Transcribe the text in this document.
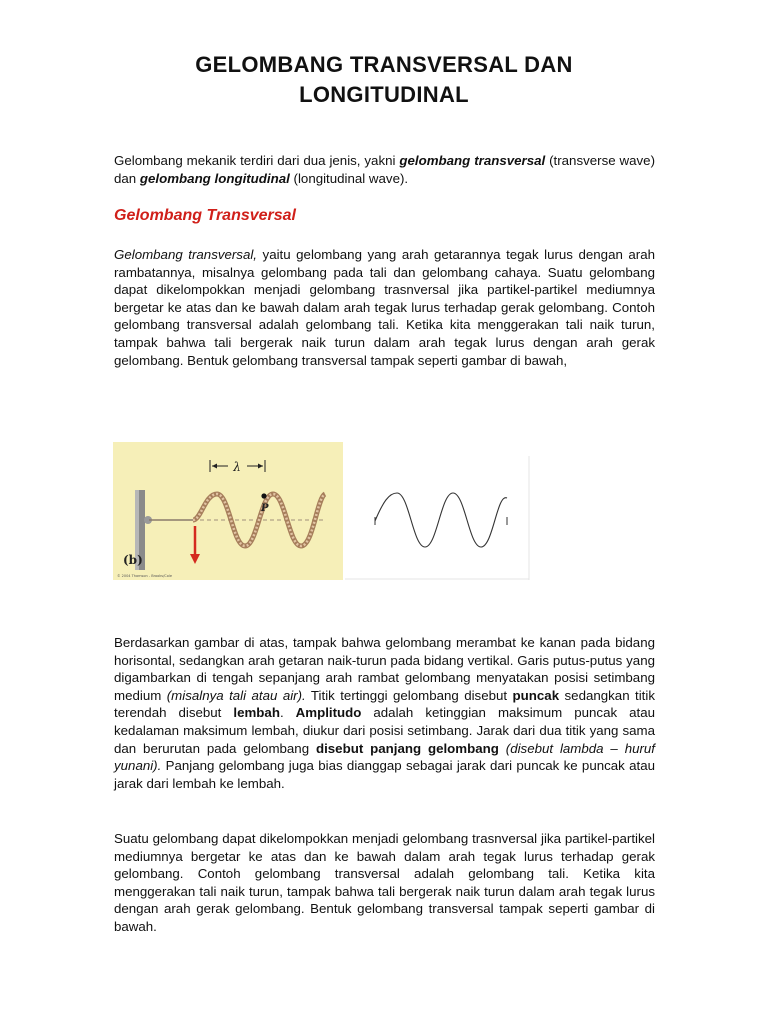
GELOMBANG TRANSVERSAL DAN
LONGITUDINAL

Gelombang mekanik terdiri dari dua jenis, yakni gelombang transversal (transverse wave) dan gelombang longitudinal (longitudinal wave).

Gelombang Transversal

Gelombang transversal, yaitu gelombang yang arah getarannya tegak lurus dengan arah rambatannya, misalnya gelombang pada tali dan gelombang cahaya. Suatu gelombang dapat dikelompokkan menjadi gelombang trasnversal jika partikel-partikel mediumnya bergetar ke atas dan ke bawah dalam arah tegak lurus terhadap gerak gelombang. Contoh gelombang transversal adalah gelombang tali. Ketika kita menggerakan tali naik turun, tampak bahwa tali bergerak naik turun dalam arah tegak lurus dengan arah gerak gelombang. Bentuk gelombang transversal tampak seperti gambar di bawah,

λ
P
(b)
© 2004 Thomson - Brooks/Cole

Berdasarkan gambar di atas, tampak bahwa gelombang merambat ke kanan pada bidang horisontal, sedangkan arah getaran naik-turun pada bidang vertikal. Garis putus-putus yang digambarkan di tengah sepanjang arah rambat gelombang menyatakan posisi setimbang medium (misalnya tali atau air). Titik tertinggi gelombang disebut puncak sedangkan titik terendah disebut lembah. Amplitudo adalah ketinggian maksimum puncak atau kedalaman maksimum lembah, diukur dari posisi setimbang. Jarak dari dua titik yang sama dan berurutan pada gelombang disebut panjang gelombang (disebut lambda – huruf yunani). Panjang gelombang juga bias dianggap sebagai jarak dari puncak ke puncak atau jarak dari lembah ke lembah.

Suatu gelombang dapat dikelompokkan menjadi gelombang trasnversal jika partikel-partikel mediumnya bergetar ke atas dan ke bawah dalam arah tegak lurus terhadap gerak gelombang. Contoh gelombang transversal adalah gelombang tali. Ketika kita menggerakan tali naik turun, tampak bahwa tali bergerak naik turun dalam arah tegak lurus dengan arah gerak gelombang. Bentuk gelombang transversal tampak seperti gambar di bawah.
